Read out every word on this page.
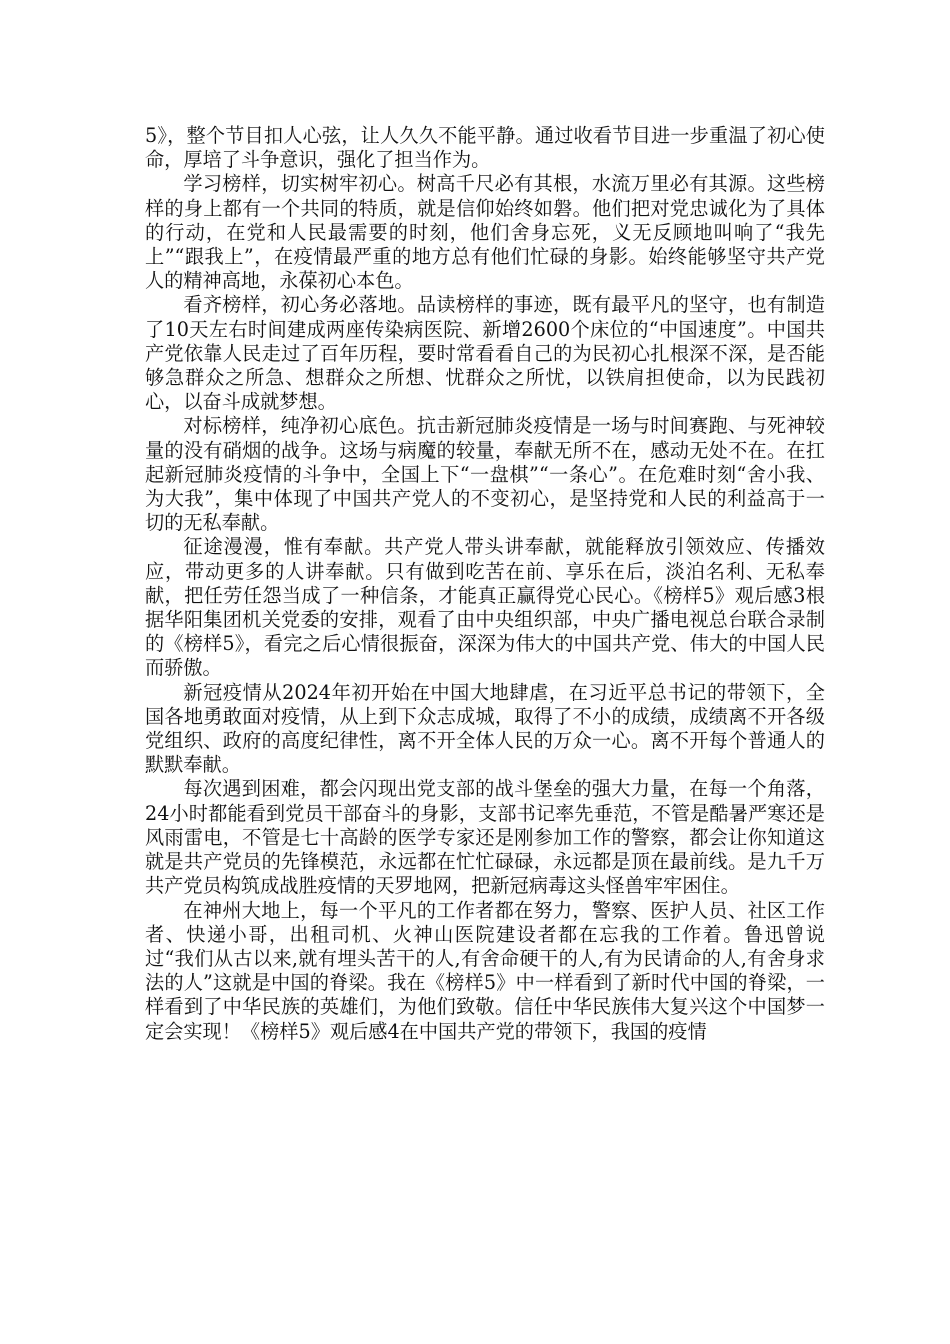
5》，整个节目扣人心弦，让人久久不能平静。通过收看节目进一步重温了初心使命，厚培了斗争意识，强化了担当作为。

学习榜样，切实树牢初心。树高千尺必有其根，水流万里必有其源。这些榜样的身上都有一个共同的特质，就是信仰始终如磐。他们把对党忠诚化为了具体的行动，在党和人民最需要的时刻，他们舍身忘死，义无反顾地叫响了“我先上”“跟我上”，在疫情最严重的地方总有他们忙碌的身影。始终能够坚守共产党人的精神高地，永葆初心本色。

看齐榜样，初心务必落地。品读榜样的事迹，既有最平凡的坚守，也有制造了10天左右时间建成两座传染病医院、新增2600个床位的“中国速度”。中国共产党依靠人民走过了百年历程，要时常看看自己的为民初心扎根深不深，是否能够急群众之所急、想群众之所想、忧群众之所忧，以铁肩担使命，以为民践初心，以奋斗成就梦想。

对标榜样，纯净初心底色。抗击新冠肺炎疫情是一场与时间赛跑、与死神较量的没有硝烟的战争。这场与病魔的较量，奉献无所不在，感动无处不在。在扛起新冠肺炎疫情的斗争中，全国上下“一盘棋”“一条心”。在危难时刻“舍小我、为大我”，集中体现了中国共产党人的不变初心，是坚持党和人民的利益高于一切的无私奉献。

征途漫漫，惟有奉献。共产党人带头讲奉献，就能释放引领效应、传播效应，带动更多的人讲奉献。只有做到吃苦在前、享乐在后，淡泊名利、无私奉献，把任劳任怨当成了一种信条，才能真正赢得党心民心。《榜样5》观后感3根据华阳集团机关党委的安排，观看了由中央组织部，中央广播电视总台联合录制的《榜样5》，看完之后心情很振奋，深深为伟大的中国共产党、伟大的中国人民而骄傲。

新冠疫情从2024年初开始在中国大地肆虐，在习近平总书记的带领下，全国各地勇敢面对疫情，从上到下众志成城，取得了不小的成绩，成绩离不开各级党组织、政府的高度纪律性，离不开全体人民的万众一心。离不开每个普通人的默默奉献。

每次遇到困难，都会闪现出党支部的战斗堡垒的强大力量，在每一个角落，24小时都能看到党员干部奋斗的身影，支部书记率先垂范，不管是酷暑严寒还是风雨雷电，不管是七十高龄的医学专家还是刚参加工作的警察，都会让你知道这就是共产党员的先锋模范，永远都在忙忙碌碌，永远都是顶在最前线。是九千万共产党员构筑成战胜疫情的天罗地网，把新冠病毒这头怪兽牢牢困住。

在神州大地上，每一个平凡的工作者都在努力，警察、医护人员、社区工作者、快递小哥，出租司机、火神山医院建设者都在忘我的工作着。鲁迅曾说过“我们从古以来,就有埋头苦干的人,有舍命硬干的人,有为民请命的人,有舍身求法的人”这就是中国的脊梁。我在《榜样5》中一样看到了新时代中国的脊梁，一样看到了中华民族的英雄们，为他们致敬。信任中华民族伟大复兴这个中国梦一定会实现！《榜样5》观后感4在中国共产党的带领下，我国的疫情
